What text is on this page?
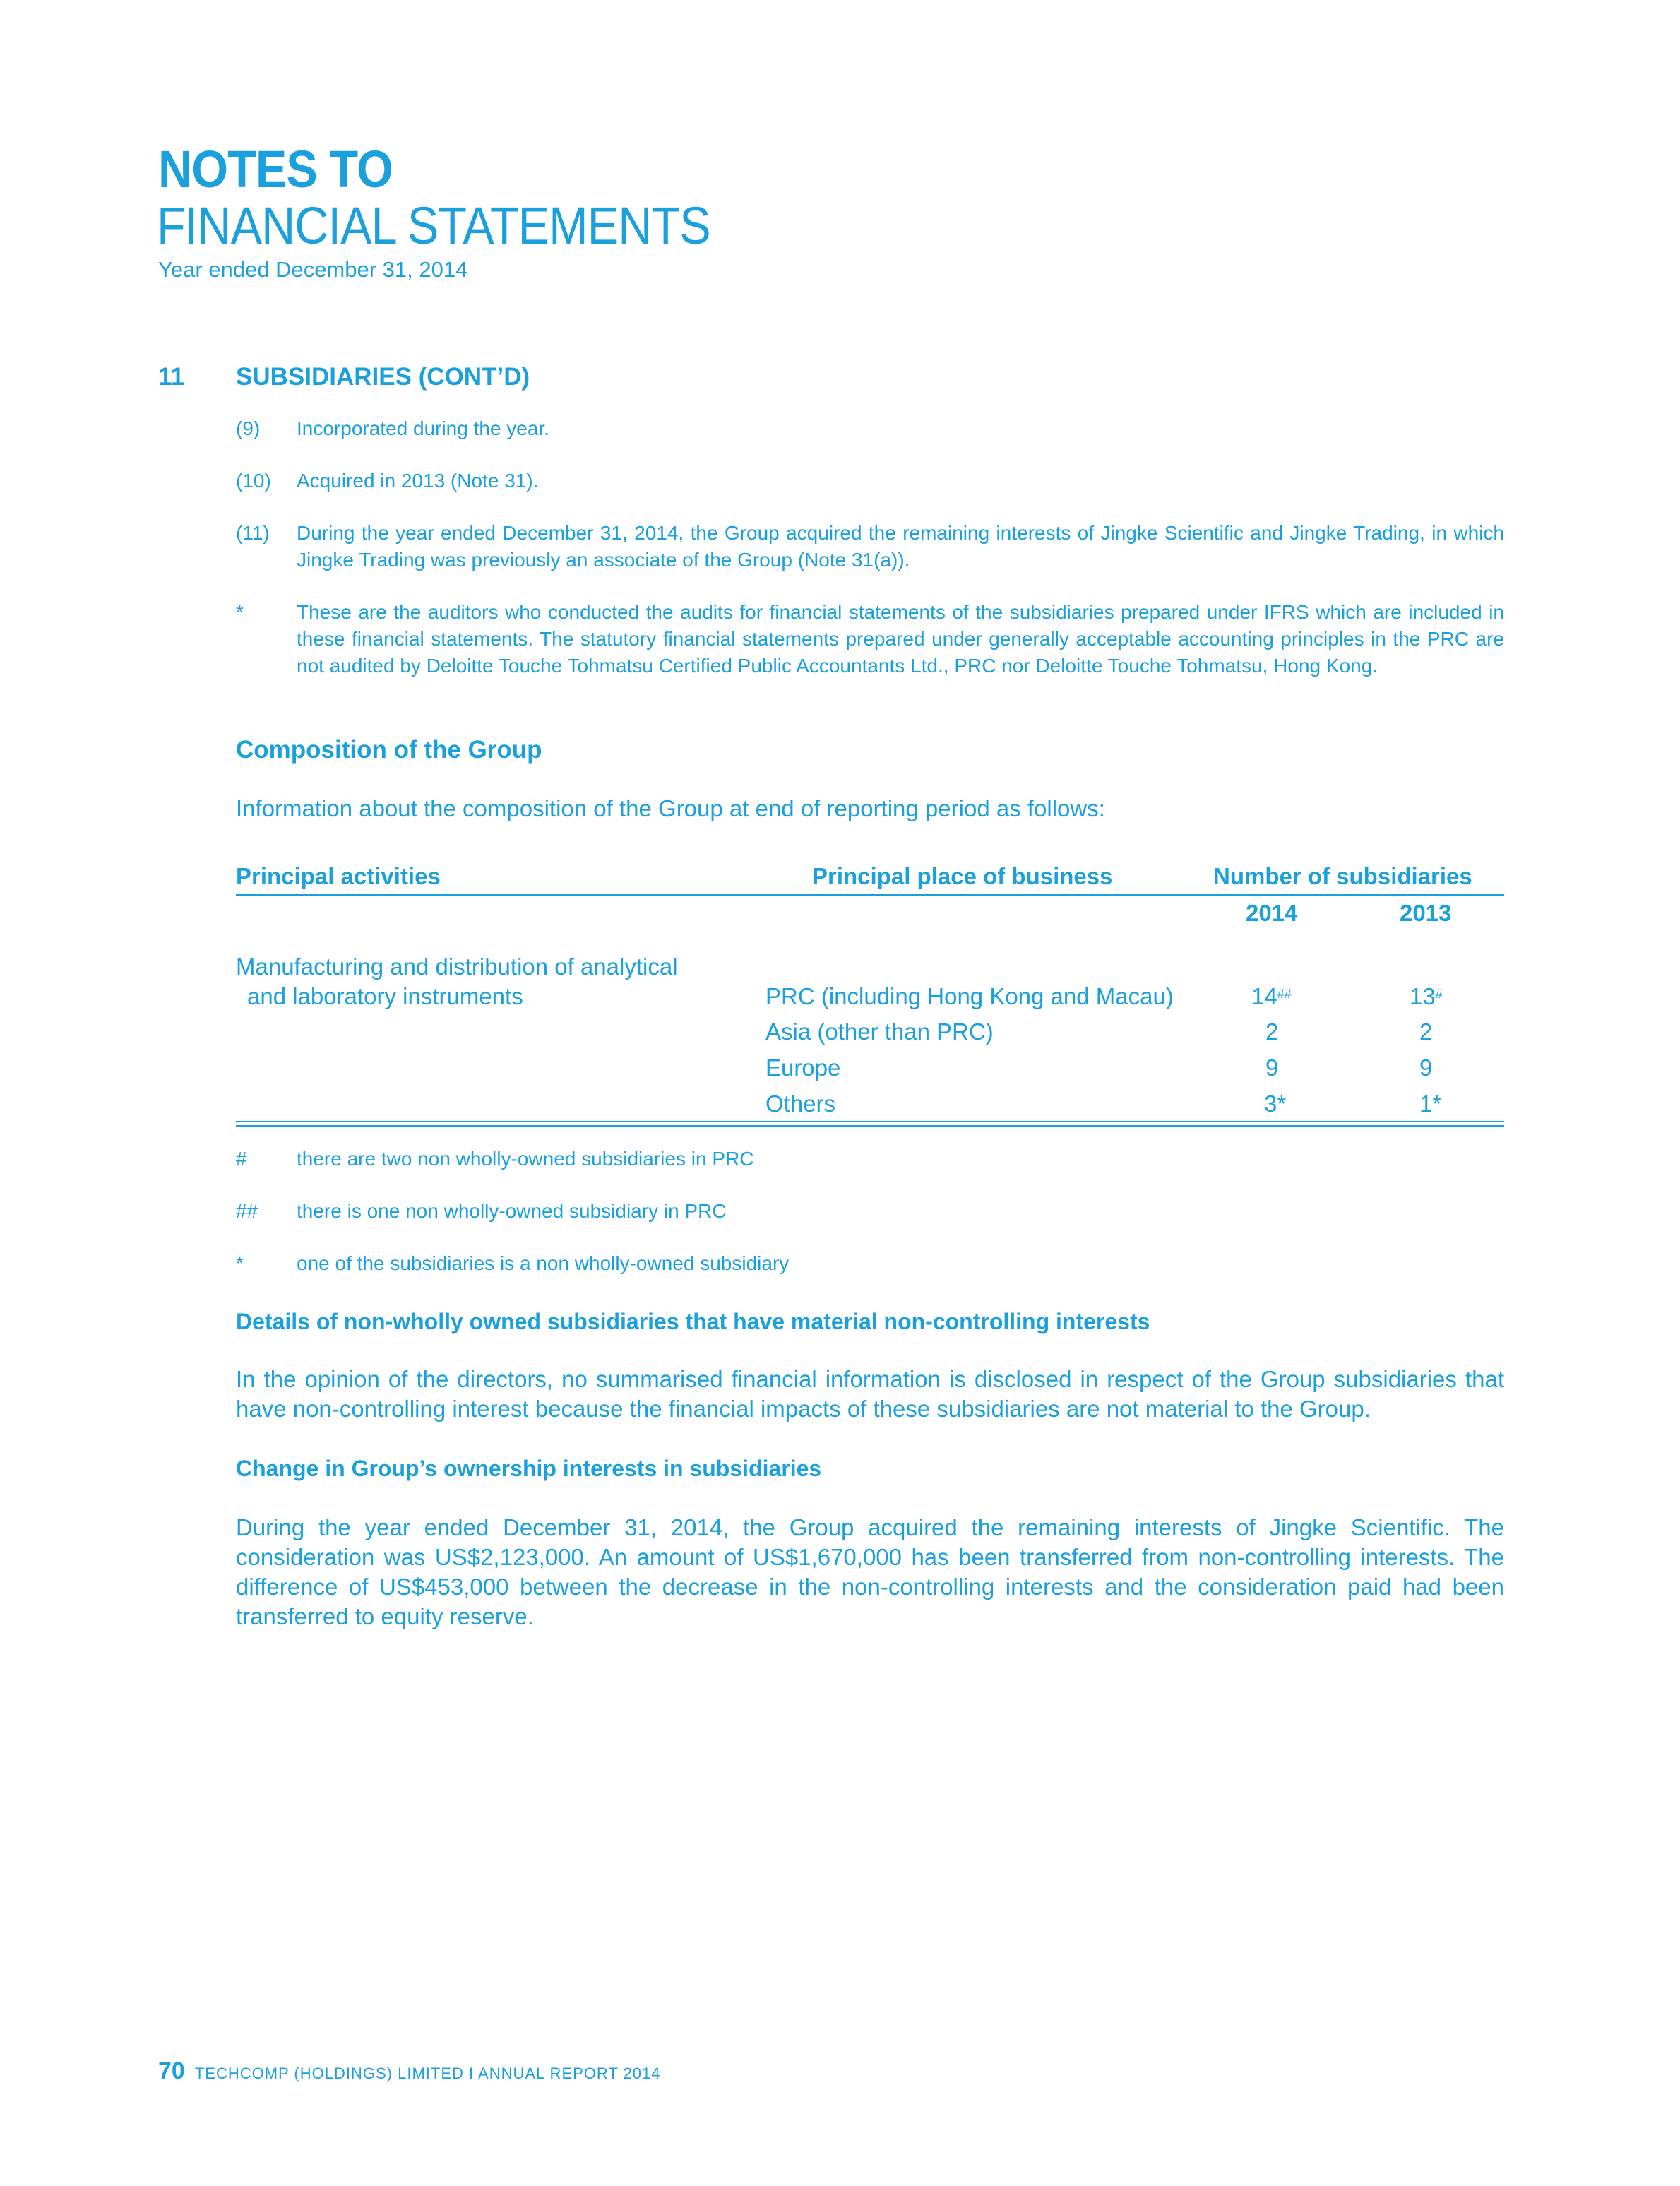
NOTES TO
FINANCIAL STATEMENTS
Year ended December 31, 2014
11 SUBSIDIARIES (CONT’D)
(9) Incorporated during the year.
(10) Acquired in 2013 (Note 31).
(11) During the year ended December 31, 2014, the Group acquired the remaining interests of Jingke Scientific and Jingke Trading, in which Jingke Trading was previously an associate of the Group (Note 31(a)).
*	These are the auditors who conducted the audits for financial statements of the subsidiaries prepared under IFRS which are included in these financial statements. The statutory financial statements prepared under generally acceptable accounting principles in the PRC are not audited by Deloitte Touche Tohmatsu Certified Public Accountants Ltd., PRC nor Deloitte Touche Tohmatsu, Hong Kong.
Composition of the Group
Information about the composition of the Group at end of reporting period as follows:
Principal activities	Principal place of business	Number of subsidiaries
2014	2013
Manufacturing and distribution of analytical
and laboratory instruments	PRC (including Hong Kong and Macau)	14##	13#
Asia (other than PRC)	2	2
Europe	9	9
Others	3*	1*
#	there are two non wholly-owned subsidiaries in PRC
## there is one non wholly-owned subsidiary in PRC
*	one of the subsidiaries is a non wholly-owned subsidiary
Details of non-wholly owned subsidiaries that have material non-controlling interests
In the opinion of the directors, no summarised financial information is disclosed in respect of the Group subsidiaries that have non-controlling interest because the financial impacts of these subsidiaries are not material to the Group.
Change in Group’s ownership interests in subsidiaries
During the year ended December 31, 2014, the Group acquired the remaining interests of Jingke Scientific. The consideration was US$2,123,000. An amount of US$1,670,000 has been transferred from non-controlling interests. The difference of US$453,000 between the decrease in the non-controlling interests and the consideration paid had been transferred to equity reserve.
70 TECHCOMP (HOLDINGS) LIMITED I ANNUAL REPORT 2014
